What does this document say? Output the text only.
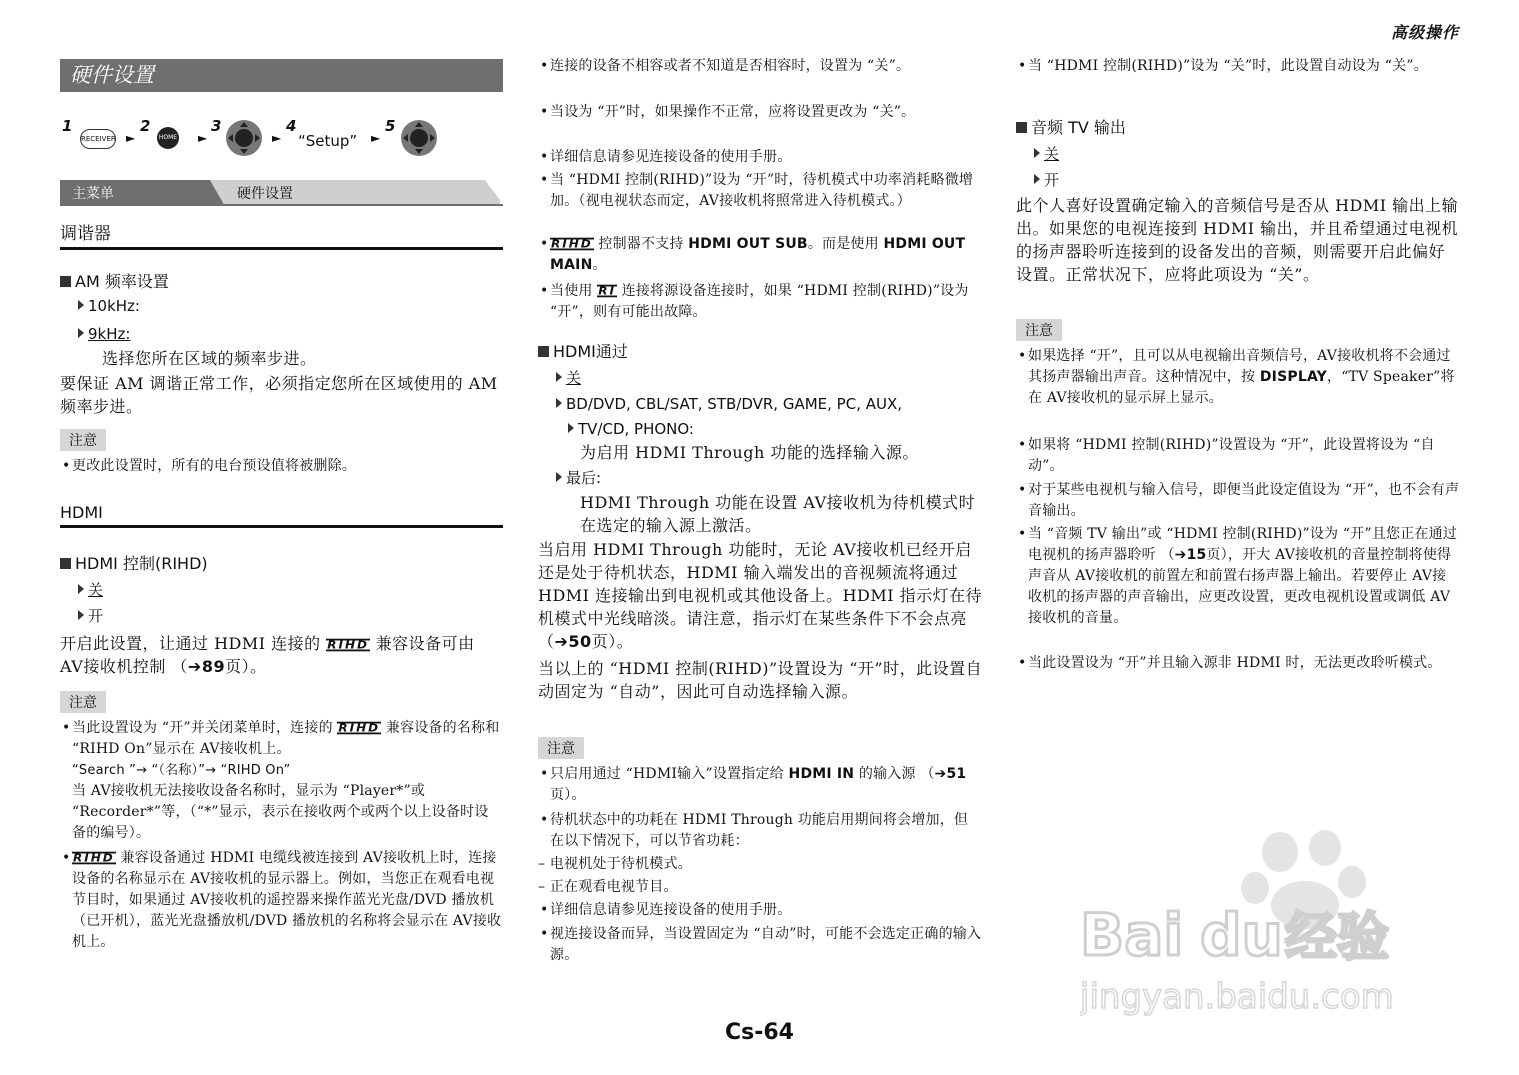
高级操作
硬件设置
1
RECEIVER ►
2
HOME ►
3
►
4
“Setup” ►
5
主菜单	硬件设置
调谐器
AM 频率设置
10kHz:
9kHz:
选择您所在区域的频率步进。
要保证 AM 调谐正常工作，必须指定您所在区域使用的 AM 频率步进。
注意
• 更改此设置时，所有的电台预设值将被删除。
HDMI
HDMI 控制(RIHD)
关
开
开启此设置，让通过 HDMI 连接的 RIHD 兼容设备可由 AV接收机控制 （➔89页）。
注意
• 当此设置设为 “开”并关闭菜单时，连接的 RIHD 兼容设备的名称和 “RIHD On”显示在 AV接收机上。
“Search ”→ “（名称）”→ “RIHD On”
当 AV接收机无法接收设备名称时，显示为 “Player*”或 “Recorder*”等，（“*”显示，表示在接收两个或两个以上设备时设备的编号）。
• RIHD 兼容设备通过 HDMI 电缆线被连接到 AV接收机上时，连接设备的名称显示在 AV接收机的显示器上。例如，当您正在观看电视节目时，如果通过 AV接收机的遥控器来操作蓝光光盘/DVD 播放机 （已开机），蓝光光盘播放机/DVD 播放机的名称将会显示在 AV接收机上。
• 连接的设备不相容或者不知道是否相容时，设置为 “关”。
• 当设为 “开”时，如果操作不正常，应将设置更改为 “关”。
• 详细信息请参见连接设备的使用手册。
• 当 “HDMI 控制(RIHD)”设为 “开”时，待机模式中功率消耗略微增加。（视电视状态而定，AV接收机将照常进入待机模式。）
• RIHD 控制器不支持 HDMI OUT SUB。而是使用 HDMI OUT MAIN。
• 当使用 RI 连接将源设备连接时，如果 “HDMI 控制(RIHD)”设为 “开”，则有可能出故障。
HDMI通过
关
BD/DVD, CBL/SAT, STB/DVR, GAME, PC, AUX,
TV/CD, PHONO:
为启用 HDMI Through 功能的选择输入源。
最后:
HDMI Through 功能在设置 AV接收机为待机模式时在选定的输入源上激活。
当启用 HDMI Through 功能时，无论 AV接收机已经开启还是处于待机状态，HDMI 输入端发出的音视频流将通过 HDMI 连接输出到电视机或其他设备上。HDMI 指示灯在待机模式中光线暗淡。请注意，指示灯在某些条件下不会点亮 （➔50页）。
当以上的 “HDMI 控制(RIHD)”设置设为 “开”时，此设置自动固定为 “自动”，因此可自动选择输入源。
注意
• 只启用通过 “HDMI输入”设置指定给 HDMI IN 的输入源 （➔51页）。
• 待机状态中的功耗在 HDMI Through 功能启用期间将会增加，但在以下情况下，可以节省功耗：
– 电视机处于待机模式。
– 正在观看电视节目。
• 详细信息请参见连接设备的使用手册。
• 视连接设备而异，当设置固定为 “自动”时，可能不会选定正确的输入源。
• 当 “HDMI 控制(RIHD)”设为 “关”时，此设置自动设为 “关”。
音频 TV 输出
关
开
此个人喜好设置确定输入的音频信号是否从 HDMI 输出上输出。如果您的电视连接到 HDMI 输出，并且希望通过电视机的扬声器聆听连接到的设备发出的音频，则需要开启此偏好设置。正常状况下，应将此项设为 “关”。
注意
• 如果选择 “开”，且可以从电视输出音频信号，AV接收机将不会通过其扬声器输出声音。这种情况中，按 DISPLAY，“TV Speaker”将在 AV接收机的显示屏上显示。
• 如果将 “HDMI 控制(RIHD)”设置设为 “开”，此设置将设为 “自动”。
• 对于某些电视机与输入信号，即便当此设定值设为 “开”，也不会有声音输出。
• 当 “音频 TV 输出”或 “HDMI 控制(RIHD)”设为 “开”且您正在通过电视机的扬声器聆听 （➔15页），开大 AV接收机的音量控制将使得声音从 AV接收机的前置左和前置右扬声器上输出。若要停止 AV接收机的扬声器的声音输出，应更改设置，更改电视机设置或调低 AV接收机的音量。
• 当此设置设为 “开”并且输入源非 HDMI 时，无法更改聆听模式。
Cs-64
Bai du 经验
jingyan.baidu.com
